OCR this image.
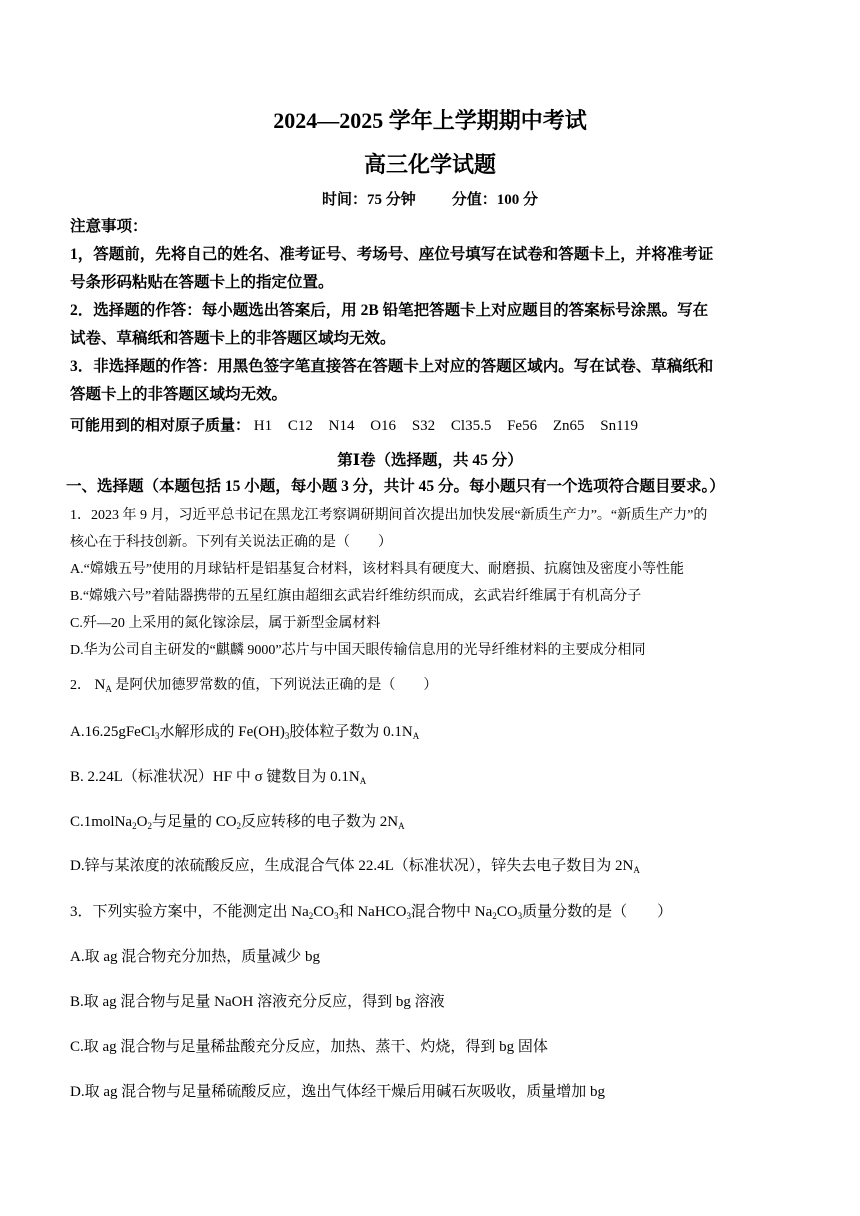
2024—2025 学年上学期期中考试
高三化学试题
时间：75 分钟 分值：100 分
注意事项：
1，答题前，先将自己的姓名、准考证号、考场号、座位号填写在试卷和答题卡上，并将准考证
号条形码粘贴在答题卡上的指定位置。
2．选择题的作答：每小题选出答案后，用 2B 铅笔把答题卡上对应题目的答案标号涂黑。写在
试卷、草稿纸和答题卡上的非答题区域均无效。
3．非选择题的作答：用黑色签字笔直接答在答题卡上对应的答题区域内。写在试卷、草稿纸和
答题卡上的非答题区域均无效。
可能用到的相对原子质量： H1 C12 N14 O16 S32 Cl35.5 Fe56 Zn65 Sn119
第Ⅰ卷（选择题，共 45 分）
一、选择题（本题包括 15 小题，每小题 3 分，共计 45 分。每小题只有一个选项符合题目要求。）
1．2023 年 9 月，习近平总书记在黑龙江考察调研期间首次提出加快发展“新质生产力”。“新质生产力”的
核心在于科技创新。下列有关说法正确的是（　　）
A.“嫦娥五号”使用的月球钻杆是铝基复合材料，该材料具有硬度大、耐磨损、抗腐蚀及密度小等性能
B.“嫦娥六号”着陆器携带的五星红旗由超细玄武岩纤维纺织而成，玄武岩纤维属于有机高分子
C.歼—20 上采用的氮化镓涂层，属于新型金属材料
D.华为公司自主研发的“麒麟 9000”芯片与中国天眼传输信息用的光导纤维材料的主要成分相同
2． $N_A$ 是阿伏加德罗常数的值，下列说法正确的是（　　）
A.16.25gFeCl$_3$水解形成的 $Fe(OH)_3$胶体粒子数为 $0.1N_A$
B. 2.24L（标准状况）HF 中 σ 键数目为 $0.1N_A$
$C.1molNa_2O_2$与足量的 $CO_2$反应转移的电子数为 $2N_A$
D.锌与某浓度的浓硫酸反应，生成混合气体 22.4L（标准状况），锌失去电子数目为 $2N_A$
3．下列实验方案中，不能测定出 $Na_2CO_3$和 NaHCO$_3$混合物中 $Na_2CO_3$质量分数的是（　　）
A.取 ag 混合物充分加热，质量减少 bg
B.取 ag 混合物与足量 NaOH 溶液充分反应，得到 bg 溶液
C.取 ag 混合物与足量稀盐酸充分反应，加热、蒸干、灼烧，得到 bg 固体
D.取 ag 混合物与足量稀硫酸反应，逸出气体经干燥后用碱石灰吸收，质量增加 bg
